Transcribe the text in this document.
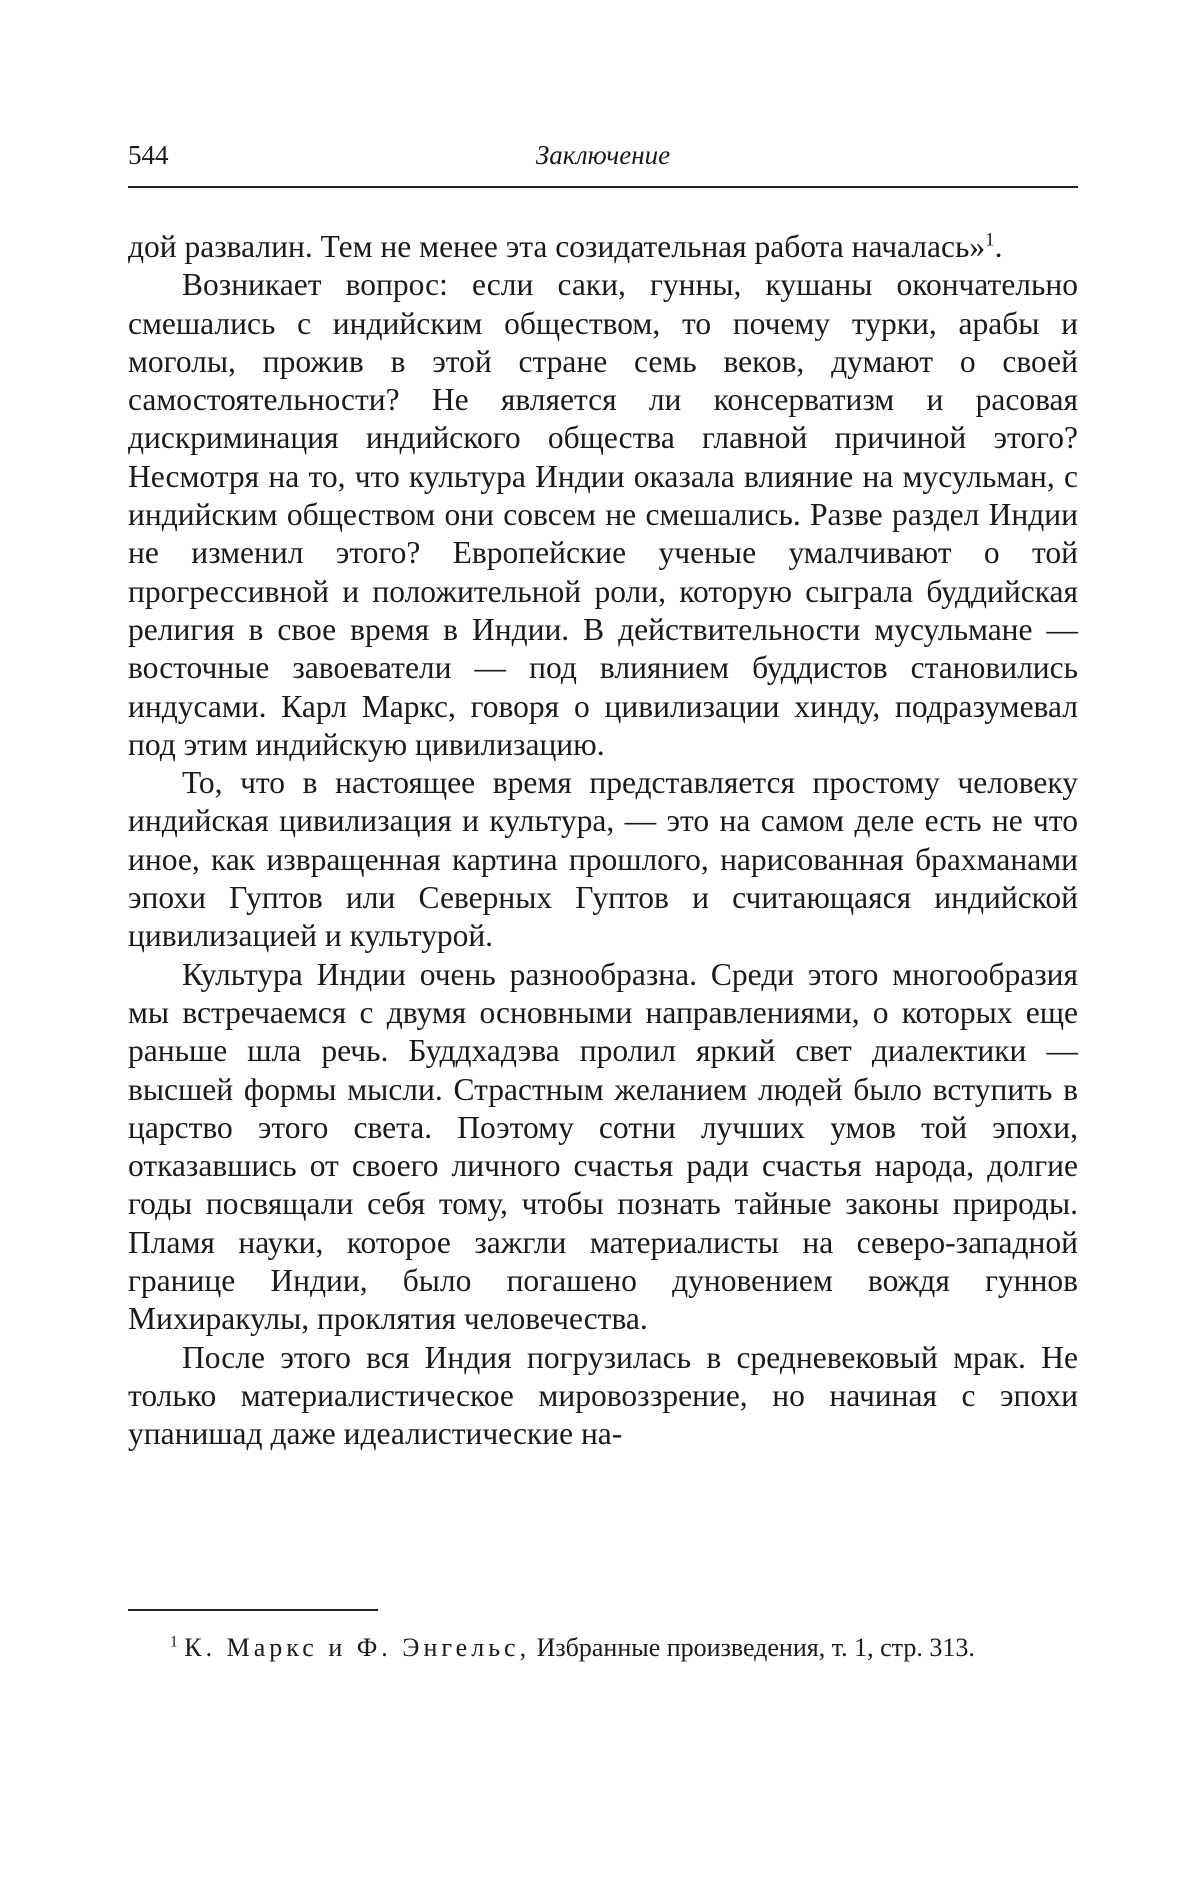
544	Заключение

дой развалин. Тем не менее эта созидательная работа началась»$^1$.

Возникает вопрос: если саки, гунны, кушаны окончательно смешались с индийским обществом, то почему турки, арабы и моголы, прожив в этой стране семь веков, думают о своей самостоятельности? Не является ли консерватизм и расовая дискриминация индийского общества главной причиной этого? Несмотря на то, что культура Индии оказала влияние на мусульман, с индийским обществом они совсем не смешались. Разве раздел Индии не изменил этого? Европейские ученые умалчивают о той прогрессивной и положительной роли, которую сыграла буддийская религия в свое время в Индии. В действительности мусульмане — восточные завоеватели — под влиянием буддистов становились индусами. Карл Маркс, говоря о цивилизации хинду, подразумевал под этим индийскую цивилизацию.

То, что в настоящее время представляется простому человеку индийская цивилизация и культура, — это на самом деле есть не что иное, как извращенная картина прошлого, нарисованная брахманами эпохи Гуптов или Северных Гуптов и считающаяся индийской цивилизацией и культурой.

Культура Индии очень разнообразна. Среди этого многообразия мы встречаемся с двумя основными направлениями, о которых еще раньше шла речь. Буддхадэва пролил яркий свет диалектики — высшей формы мысли. Страстным желанием людей было вступить в царство этого света. Поэтому сотни лучших умов той эпохи, отказавшись от своего личного счастья ради счастья народа, долгие годы посвящали себя тому, чтобы познать тайные законы природы. Пламя науки, которое зажгли материалисты на северо-западной границе Индии, было погашено дуновением вождя гуннов Михиракулы, проклятия человечества.

После этого вся Индия погрузилась в средневековый мрак. Не только материалистическое мировоззрение, но начиная с эпохи упанишад даже идеалистические на-

$^1$ К. Маркс и Ф. Энгельс, Избранные произведения, т. 1, стр. 313.
